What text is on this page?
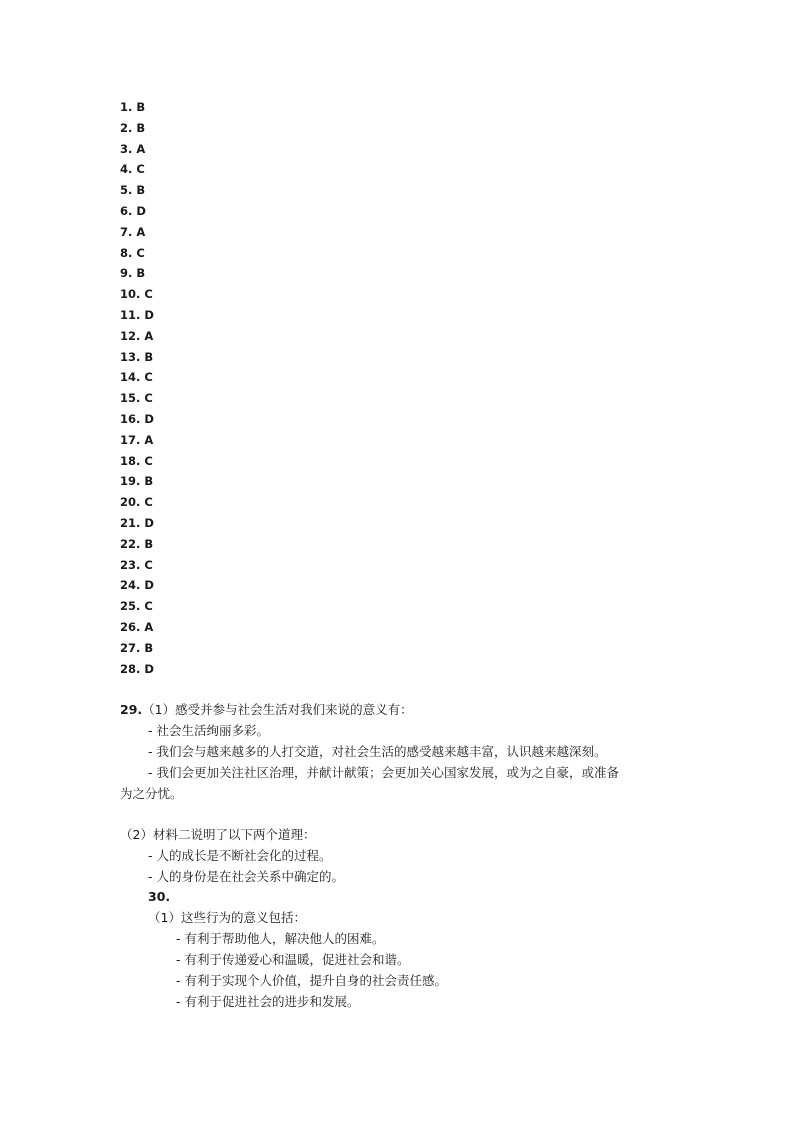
1. B
2. B
3. A
4. C
5. B
6. D
7. A
8. C
9. B
10. C
11. D
12. A
13. B
14. C
15. C
16. D
17. A
18. C
19. B
20. C
21. D
22. B
23. C
24. D
25. C
26. A
27. B
28. D
29.（1）感受并参与社会生活对我们来说的意义有：
- 社会生活绚丽多彩。
- 我们会与越来越多的人打交道，对社会生活的感受越来越丰富，认识越来越深刻。
- 我们会更加关注社区治理，并献计献策；会更加关心国家发展，或为之自豪，或准备
为之分忧。
（2）材料二说明了以下两个道理：
- 人的成长是不断社会化的过程。
- 人的身份是在社会关系中确定的。
30.
（1）这些行为的意义包括：
- 有利于帮助他人，解决他人的困难。
- 有利于传递爱心和温暖，促进社会和谐。
- 有利于实现个人价值，提升自身的社会责任感。
- 有利于促进社会的进步和发展。
